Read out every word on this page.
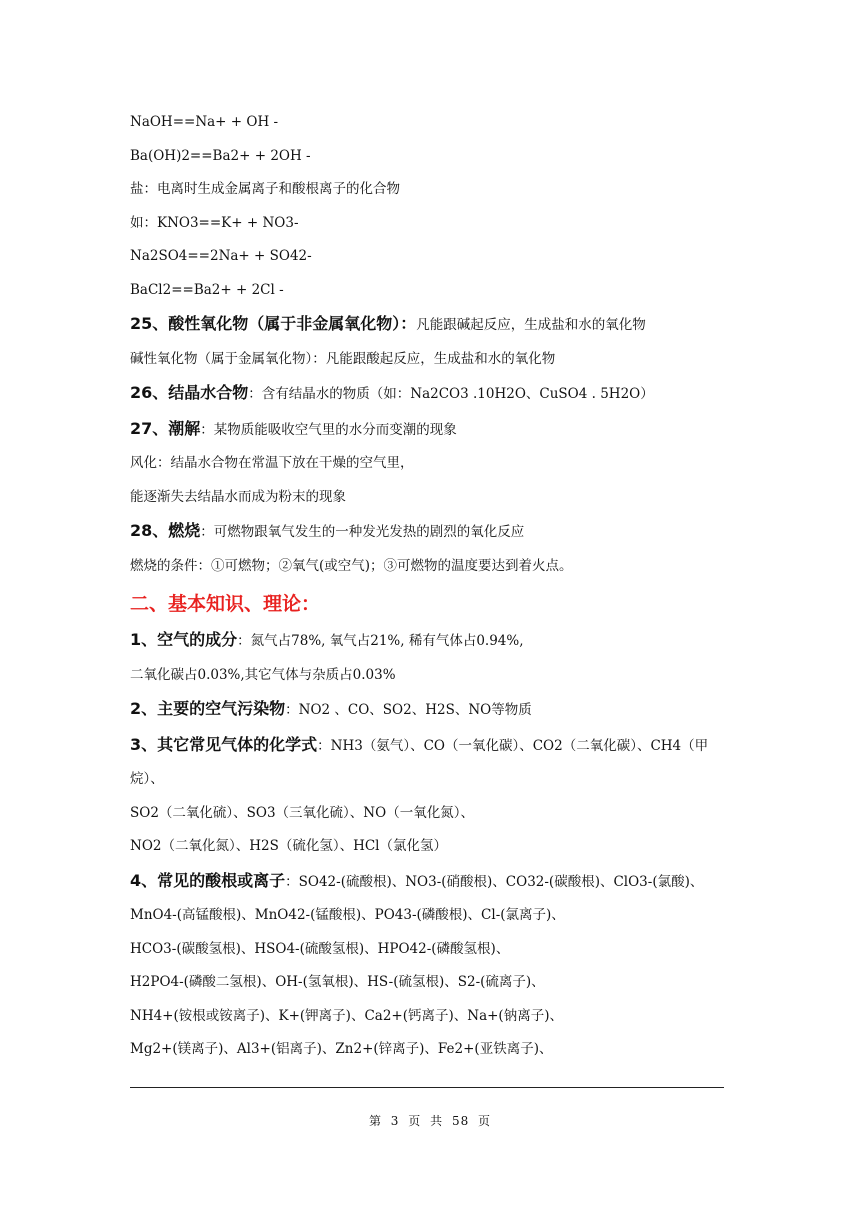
NaOH==Na+ + OH -
Ba(OH)2==Ba2+ + 2OH -
盐：电离时生成金属离子和酸根离子的化合物
如：KNO3==K+ + NO3-
Na2SO4==2Na+ + SO42-
BaCl2==Ba2+ + 2Cl -
25、酸性氧化物（属于非金属氧化物）：凡能跟碱起反应，生成盐和水的氧化物
碱性氧化物（属于金属氧化物）：凡能跟酸起反应，生成盐和水的氧化物
26、结晶水合物：含有结晶水的物质（如：Na2CO3 .10H2O、CuSO4 . 5H2O）
27、潮解：某物质能吸收空气里的水分而变潮的现象
风化：结晶水合物在常温下放在干燥的空气里，
能逐渐失去结晶水而成为粉末的现象
28、燃烧：可燃物跟氧气发生的一种发光发热的剧烈的氧化反应
燃烧的条件：①可燃物；②氧气(或空气)；③可燃物的温度要达到着火点。
二、基本知识、理论：
1、空气的成分：氮气占78%, 氧气占21%, 稀有气体占0.94%,
二氧化碳占0.03%,其它气体与杂质占0.03%
2、主要的空气污染物：NO2 、CO、SO2、H2S、NO等物质
3、其它常见气体的化学式：NH3（氨气）、CO（一氧化碳）、CO2（二氧化碳）、CH4（甲
烷）、
SO2（二氧化硫）、SO3（三氧化硫）、NO（一氧化氮）、
NO2（二氧化氮）、H2S（硫化氢）、HCl（氯化氢）
4、常见的酸根或离子：SO42-(硫酸根)、NO3-(硝酸根)、CO32-(碳酸根)、ClO3-(氯酸)、
MnO4-(高锰酸根)、MnO42-(锰酸根)、PO43-(磷酸根)、Cl-(氯离子)、
HCO3-(碳酸氢根)、HSO4-(硫酸氢根)、HPO42-(磷酸氢根)、
H2PO4-(磷酸二氢根)、OH-(氢氧根)、HS-(硫氢根)、S2-(硫离子)、
NH4+(铵根或铵离子)、K+(钾离子)、Ca2+(钙离子)、Na+(钠离子)、
Mg2+(镁离子)、Al3+(铝离子)、Zn2+(锌离子)、Fe2+(亚铁离子)、
第 3 页 共 58 页
